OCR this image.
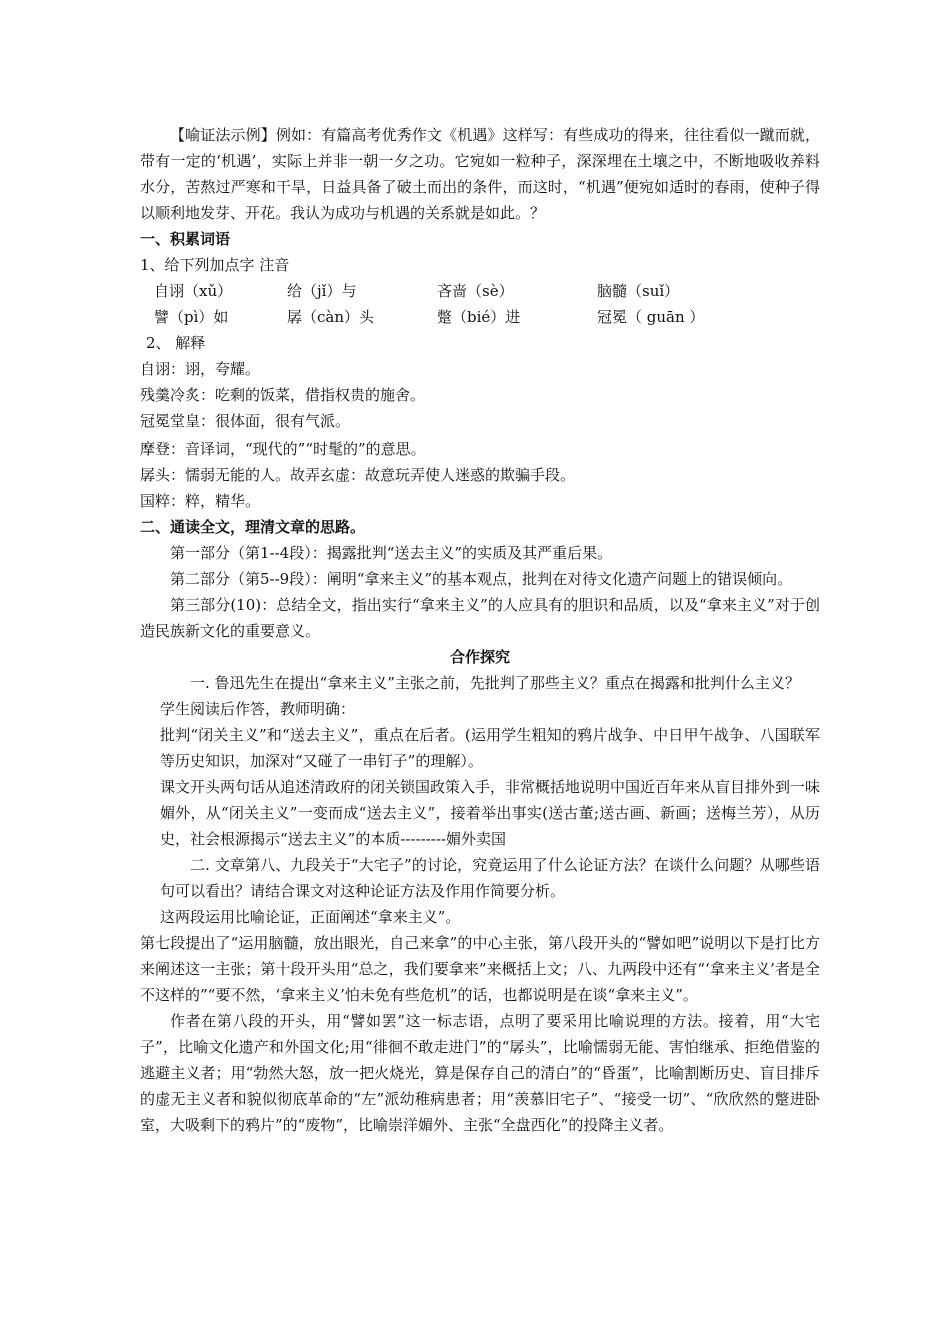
【喻证法示例】例如：有篇高考优秀作文《机遇》这样写：有些成功的得来，往往看似一蹴而就，带有一定的‘机遇’，实际上并非一朝一夕之功。它宛如一粒种子，深深埋在土壤之中，不断地吸收养料水分，苦熬过严寒和干旱，日益具备了破土而出的条件，而这时，“机遇”便宛如适时的春雨，使种子得以顺利地发芽、开花。我认为成功与机遇的关系就是如此。？
一、积累词语
1、给下列加点字 注音
自诩（xǔ）	给（jǐ）与	吝啬（sè）	脑髓（suǐ）
譬（pì）如	孱（càn）头	蹩（bié）进	冠冕（ guān ）
2、 解释
自诩：诩，夸耀。
残羹冷炙：吃剩的饭菜，借指权贵的施舍。
冠冕堂皇：很体面，很有气派。
摩登：音译词，“现代的”“时髦的”的意思。
孱头：懦弱无能的人。故弄玄虚：故意玩弄使人迷惑的欺骗手段。
国粹：粹，精华。
二、通读全文，理清文章的思路。
第一部分（第1--4段）：揭露批判“送去主义”的实质及其严重后果。
第二部分（第5--9段）：阐明“拿来主义”的基本观点，批判在对待文化遗产问题上的错误倾向。
第三部分(10)：总结全文，指出实行“拿来主义”的人应具有的胆识和品质，以及“拿来主义”对于创造民族新文化的重要意义。
合作探究
一. 鲁迅先生在提出“拿来主义”主张之前，先批判了那些主义？重点在揭露和批判什么主义？
学生阅读后作答，教师明确：
批判“闭关主义”和“送去主义”，重点在后者。(运用学生粗知的鸦片战争、中日甲午战争、八国联军等历史知识，加深对“又碰了一串钉子”的理解）。
课文开头两句话从追述清政府的闭关锁国政策入手，非常概括地说明中国近百年来从盲目排外到一味媚外，从“闭关主义”一变而成“送去主义”，接着举出事实(送古董;送古画、新画；送梅兰芳），从历史，社会根源揭示“送去主义”的本质---------媚外卖国
二. 文章第八、九段关于“大宅子”的讨论，究竟运用了什么论证方法？在谈什么问题？从哪些语句可以看出？请结合课文对这种论证方法及作用作简要分析。
这两段运用比喻论证，正面阐述“拿来主义”。
第七段提出了“运用脑髓，放出眼光，自己来拿”的中心主张，第八段开头的“譬如吧”说明以下是打比方来阐述这一主张；第十段开头用“总之，我们要拿来”来概括上文；八、九两段中还有“‘拿来主义’者是全不这样的”“要不然，‘拿来主义’怕未免有些危机”的话，也都说明是在谈“拿来主义”。
作者在第八段的开头，用“譬如罢”这一标志语，点明了要采用比喻说理的方法。接着，用“大宅子”，比喻文化遗产和外国文化;用“徘徊不敢走进门”的“孱头”，比喻懦弱无能、害怕继承、拒绝借鉴的逃避主义者；用“勃然大怒，放一把火烧光，算是保存自己的清白”的“昏蛋”，比喻割断历史、盲目排斥的虚无主义者和貌似彻底革命的“左”派幼稚病患者；用“羡慕旧宅子”、“接受一切”、“欣欣然的蹩进卧室，大吸剩下的鸦片”的“废物”，比喻崇洋媚外、主张“全盘西化”的投降主义者。
